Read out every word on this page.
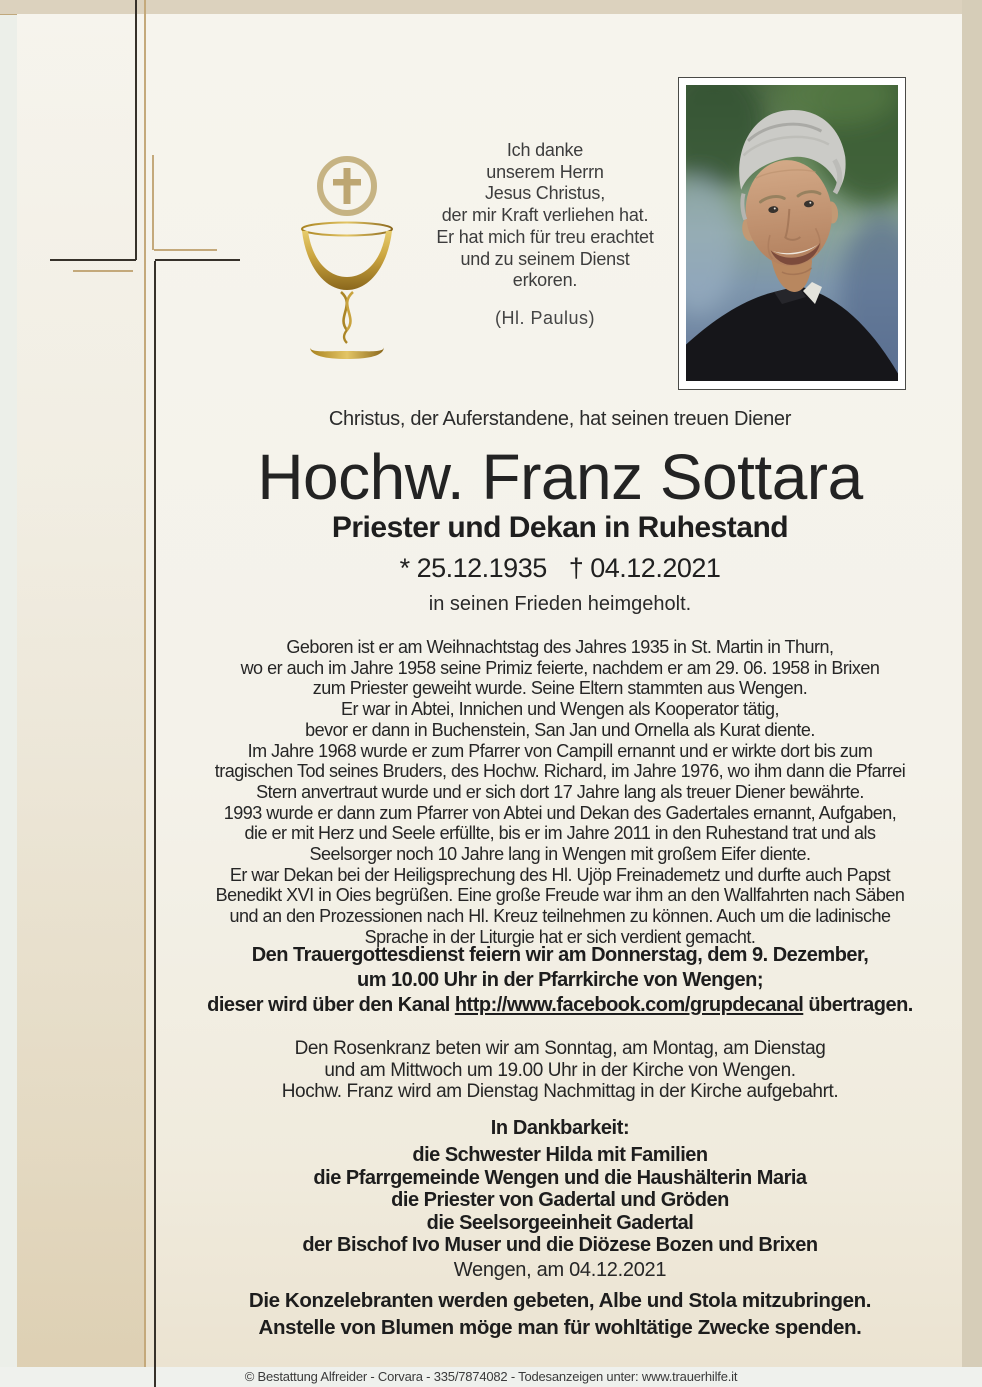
Ich danke
unserem Herrn
Jesus Christus,
der mir Kraft verliehen hat.
Er hat mich für treu erachtet
und zu seinem Dienst
erkoren.
(Hl. Paulus)
Christus, der Auferstandene, hat seinen treuen Diener
Hochw. Franz Sottara
Priester und Dekan in Ruhestand
* 25.12.1935 † 04.12.2021
in seinen Frieden heimgeholt.
Geboren ist er am Weihnachtstag des Jahres 1935 in St. Martin in Thurn,
wo er auch im Jahre 1958 seine Primiz feierte, nachdem er am 29. 06. 1958 in Brixen
zum Priester geweiht wurde. Seine Eltern stammten aus Wengen.
Er war in Abtei, Innichen und Wengen als Kooperator tätig,
bevor er dann in Buchenstein, San Jan und Ornella als Kurat diente.
Im Jahre 1968 wurde er zum Pfarrer von Campill ernannt und er wirkte dort bis zum
tragischen Tod seines Bruders, des Hochw. Richard, im Jahre 1976, wo ihm dann die Pfarrei
Stern anvertraut wurde und er sich dort 17 Jahre lang als treuer Diener bewährte.
1993 wurde er dann zum Pfarrer von Abtei und Dekan des Gadertales ernannt, Aufgaben,
die er mit Herz und Seele erfüllte, bis er im Jahre 2011 in den Ruhestand trat und als
Seelsorger noch 10 Jahre lang in Wengen mit großem Eifer diente.
Er war Dekan bei der Heiligsprechung des Hl. Ujöp Freinademetz und durfte auch Papst
Benedikt XVI in Oies begrüßen. Eine große Freude war ihm an den Wallfahrten nach Säben
und an den Prozessionen nach Hl. Kreuz teilnehmen zu können. Auch um die ladinische
Sprache in der Liturgie hat er sich verdient gemacht.
Den Trauergottesdienst feiern wir am Donnerstag, dem 9. Dezember,
um 10.00 Uhr in der Pfarrkirche von Wengen;
dieser wird über den Kanal http://www.facebook.com/grupdecanal übertragen.
Den Rosenkranz beten wir am Sonntag, am Montag, am Dienstag
und am Mittwoch um 19.00 Uhr in der Kirche von Wengen.
Hochw. Franz wird am Dienstag Nachmittag in der Kirche aufgebahrt.
In Dankbarkeit:
die Schwester Hilda mit Familien
die Pfarrgemeinde Wengen und die Haushälterin Maria
die Priester von Gadertal und Gröden
die Seelsorgeeinheit Gadertal
der Bischof Ivo Muser und die Diözese Bozen und Brixen
Wengen, am 04.12.2021
Die Konzelebranten werden gebeten, Albe und Stola mitzubringen.
Anstelle von Blumen möge man für wohltätige Zwecke spenden.
© Bestattung Alfreider - Corvara - 335/7874082 - Todesanzeigen unter: www.trauerhilfe.it
